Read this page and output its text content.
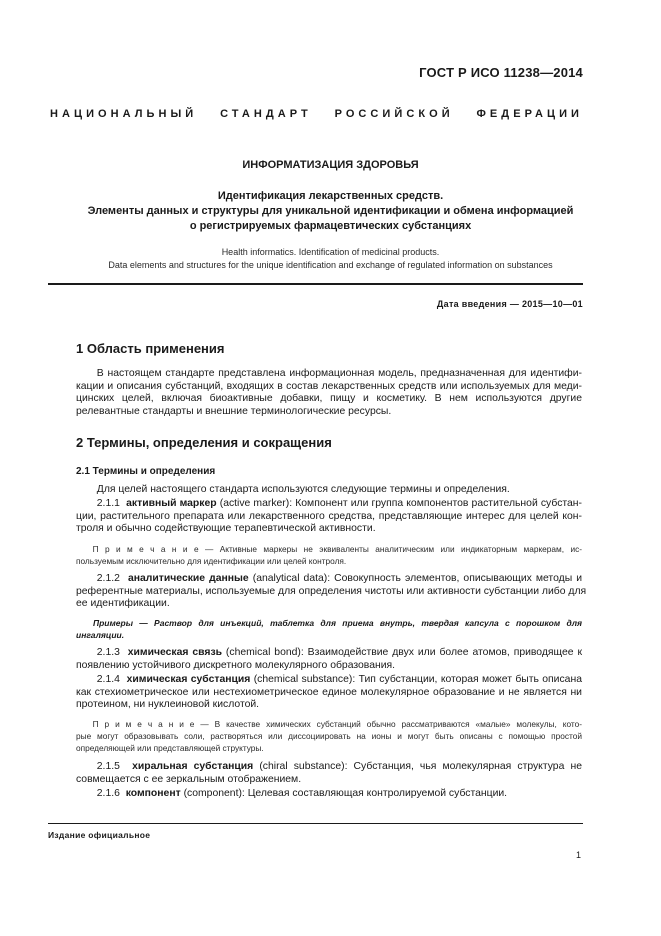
ГОСТ Р ИСО 11238—2014
НАЦИОНАЛЬНЫЙ СТАНДАРТ РОССИЙСКОЙ ФЕДЕРАЦИИ
ИНФОРМАТИЗАЦИЯ ЗДОРОВЬЯ
Идентификация лекарственных средств.
Элементы данных и структуры для уникальной идентификации и обмена информацией
о регистрируемых фармацевтических субстанциях
Health informatics. Identification of medicinal products.
Data elements and structures for the unique identification and exchange of regulated information on substances
Дата введения — 2015—10—01
1 Область применения
  В настоящем стандарте представлена информационная модель, предназначенная для идентифи-
кации и описания субстанций, входящих в состав лекарственных средств или используемых для меди-
цинских целей, включая биоактивные добавки, пищу и косметику. В нем используются другие
релевантные стандарты и внешние терминологические ресурсы.
2 Термины, определения и сокращения
2.1 Термины и определения
  Для целей настоящего стандарта используются следующие термины и определения.
  2.1.1 активный маркер (active marker): Компонент или группа компонентов растительной субстан-
ции, растительного препарата или лекарственного средства, представляющие интерес для целей кон-
троля и обычно содействующие терапевтической активности.
  П р и м е ч а н и е — Активные маркеры не эквиваленты аналитическим или индикаторным маркерам, ис-
пользуемым исключительно для идентификации или целей контроля.
  2.1.2 аналитические данные (analytical data): Совокупность элементов, описывающих методы и
референтные материалы, используемые для определения чистоты или активности субстанции либо для
ее идентификации.
  Примеры — Раствор для инъекций, таблетка для приема внутрь, твердая капсула с порошком для
ингаляции.
  2.1.3 химическая связь (chemical bond): Взаимодействие двух или более атомов, приводящее к
появлению устойчивого дискретного молекулярного образования.
  2.1.4 химическая субстанция (chemical substance): Тип субстанции, которая может быть описана
как стехиометрическое или нестехиометрическое единое молекулярное образование и не является ни
протеином, ни нуклеиновой кислотой.
  П р и м е ч а н и е — В качестве химических субстанций обычно рассматриваются «малые» молекулы, кото-
рые могут образовывать соли, растворяться или диссоциировать на ионы и могут быть описаны с помощью простой
определяющей или представляющей структуры.
  2.1.5 хиральная субстанция (chiral substance): Субстанция, чья молекулярная структура не
совмещается с ее зеркальным отображением.
  2.1.6 компонент (component): Целевая составляющая контролируемой субстанции.
Издание официальное
1
